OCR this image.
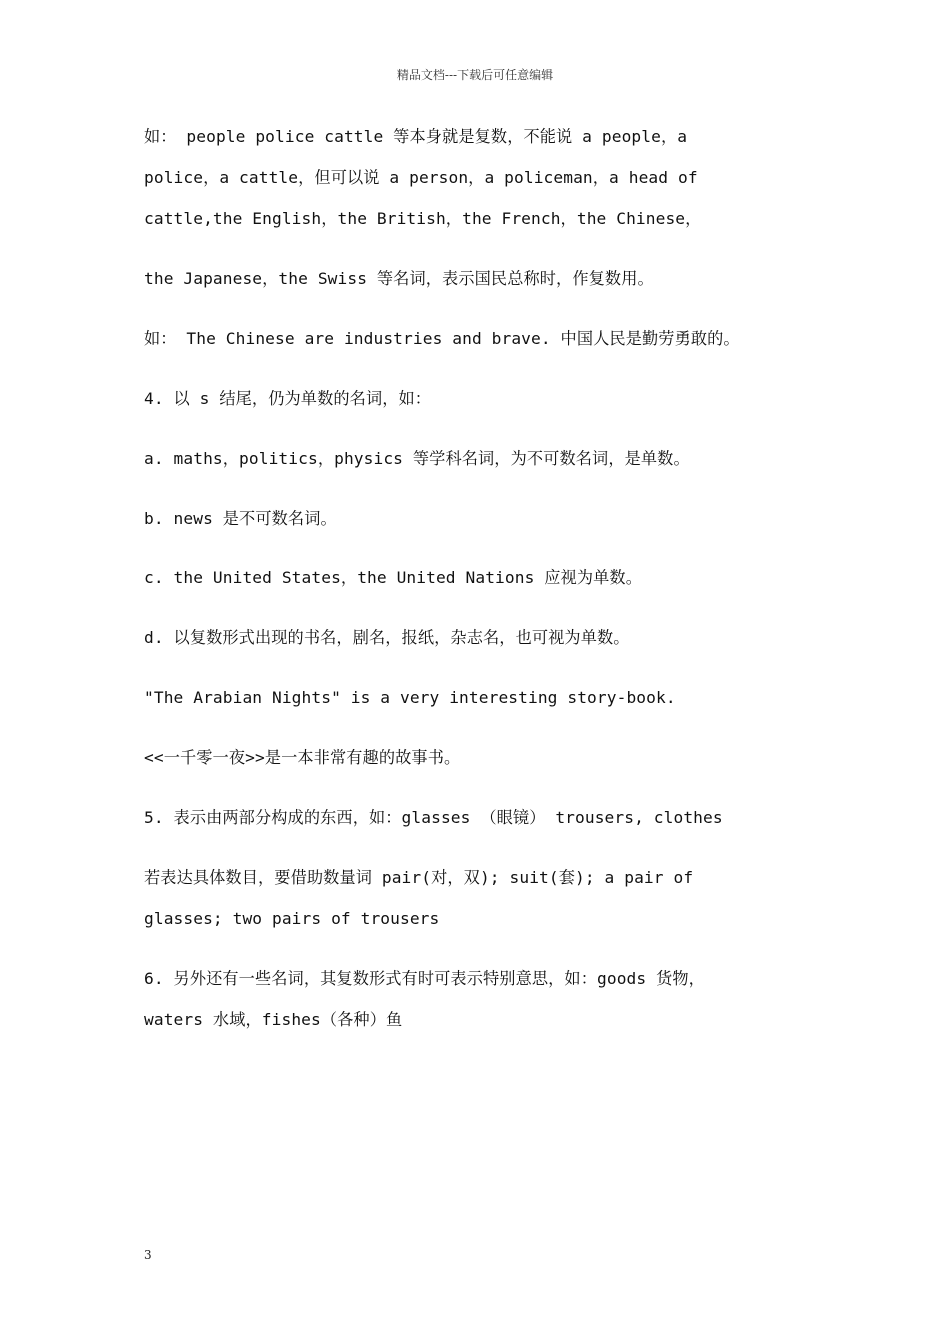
精品文档---下载后可任意编辑
如： people police cattle 等本身就是复数，不能说 a people，a
police，a cattle，但可以说 a person，a policeman，a head of
cattle,the English，the British，the French，the Chinese，
the Japanese，the Swiss 等名词，表示国民总称时，作复数用。
如： The Chinese are industries and brave. 中国人民是勤劳勇敢的。
4. 以 s 结尾，仍为单数的名词，如：
a. maths，politics，physics 等学科名词，为不可数名词，是单数。
b. news 是不可数名词。
c. the United States，the United Nations 应视为单数。
d. 以复数形式出现的书名，剧名，报纸，杂志名，也可视为单数。
"The Arabian Nights" is a very interesting story-book.
<<一千零一夜>>是一本非常有趣的故事书。
5. 表示由两部分构成的东西，如：glasses （眼镜） trousers, clothes
若表达具体数目，要借助数量词 pair(对，双); suit(套); a pair of
glasses; two pairs of trousers
6. 另外还有一些名词，其复数形式有时可表示特别意思，如：goods 货物，
waters 水域，fishes（各种）鱼
3
